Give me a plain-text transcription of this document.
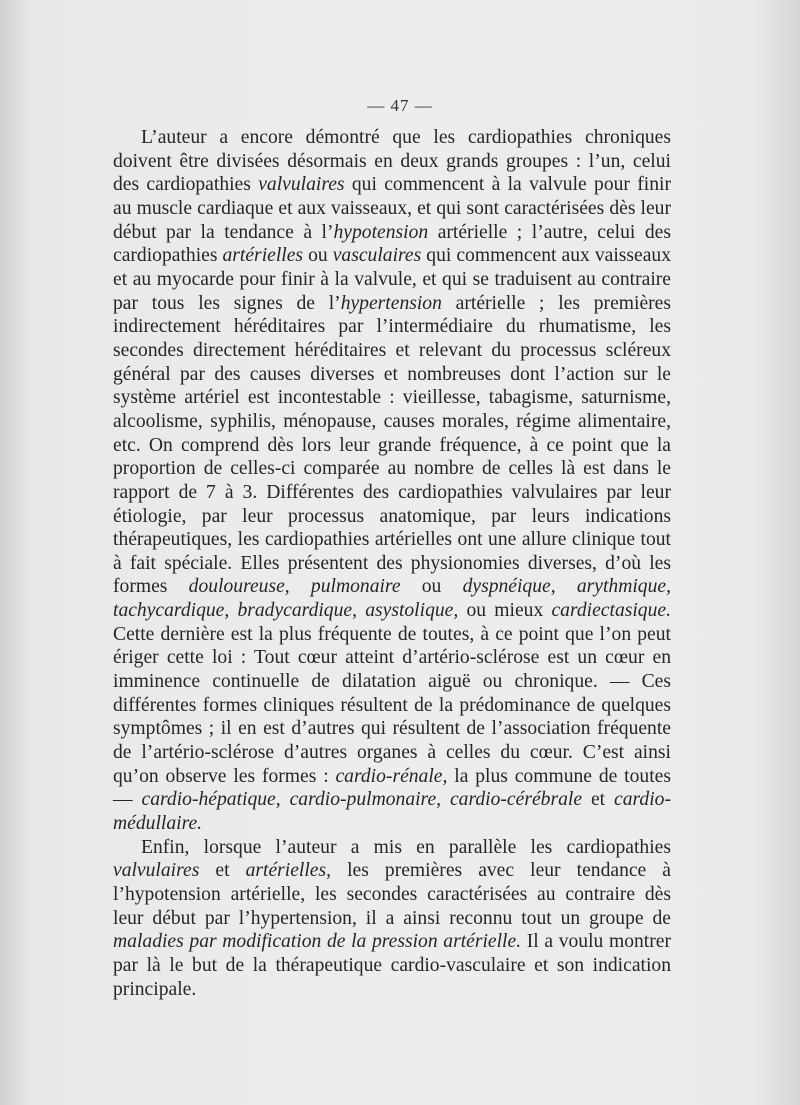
— 47 —

L’auteur a encore démontré que les cardiopathies chroniques doivent être divisées désormais en deux grands groupes : l’un, celui des cardiopathies valvulaires qui commencent à la valvule pour finir au muscle cardiaque et aux vaisseaux, et qui sont caractérisées dès leur début par la tendance à l’hypotension artérielle ; l’autre, celui des cardiopathies artérielles ou vasculaires qui commencent aux vaisseaux et au myocarde pour finir à la valvule, et qui se traduisent au contraire par tous les signes de l’hypertension artérielle ; les premières indirectement héréditaires par l’intermédiaire du rhumatisme, les secondes directement héréditaires et relevant du processus scléreux général par des causes diverses et nombreuses dont l’action sur le système artériel est incontestable : vieillesse, tabagisme, saturnisme, alcoolisme, syphilis, ménopause, causes morales, régime alimentaire, etc. On comprend dès lors leur grande fréquence, à ce point que la proportion de celles-ci comparée au nombre de celles là est dans le rapport de 7 à 3. Différentes des cardiopathies valvulaires par leur étiologie, par leur processus anatomique, par leurs indications thérapeutiques, les cardiopathies artérielles ont une allure clinique tout à fait spéciale. Elles présentent des physionomies diverses, d’où les formes douloureuse, pulmonaire ou dyspnéique, arythmique, tachycardique, bradycardique, asystolique, ou mieux cardiectasique. Cette dernière est la plus fréquente de toutes, à ce point que l’on peut ériger cette loi : Tout cœur atteint d’artério-sclérose est un cœur en imminence continuelle de dilatation aiguë ou chronique. — Ces différentes formes cliniques résultent de la prédominance de quelques symptômes ; il en est d’autres qui résultent de l’association fréquente de l’artério-sclérose d’autres organes à celles du cœur. C’est ainsi qu’on observe les formes : cardio-rénale, la plus commune de toutes — cardio-hépatique, cardio-pulmonaire, cardio-cérébrale et cardio-médullaire.

Enfin, lorsque l’auteur a mis en parallèle les cardiopathies valvulaires et artérielles, les premières avec leur tendance à l’hypotension artérielle, les secondes caractérisées au contraire dès leur début par l’hypertension, il a ainsi reconnu tout un groupe de maladies par modification de la pression artérielle. Il a voulu montrer par là le but de la thérapeutique cardio-vasculaire et son indication principale.
